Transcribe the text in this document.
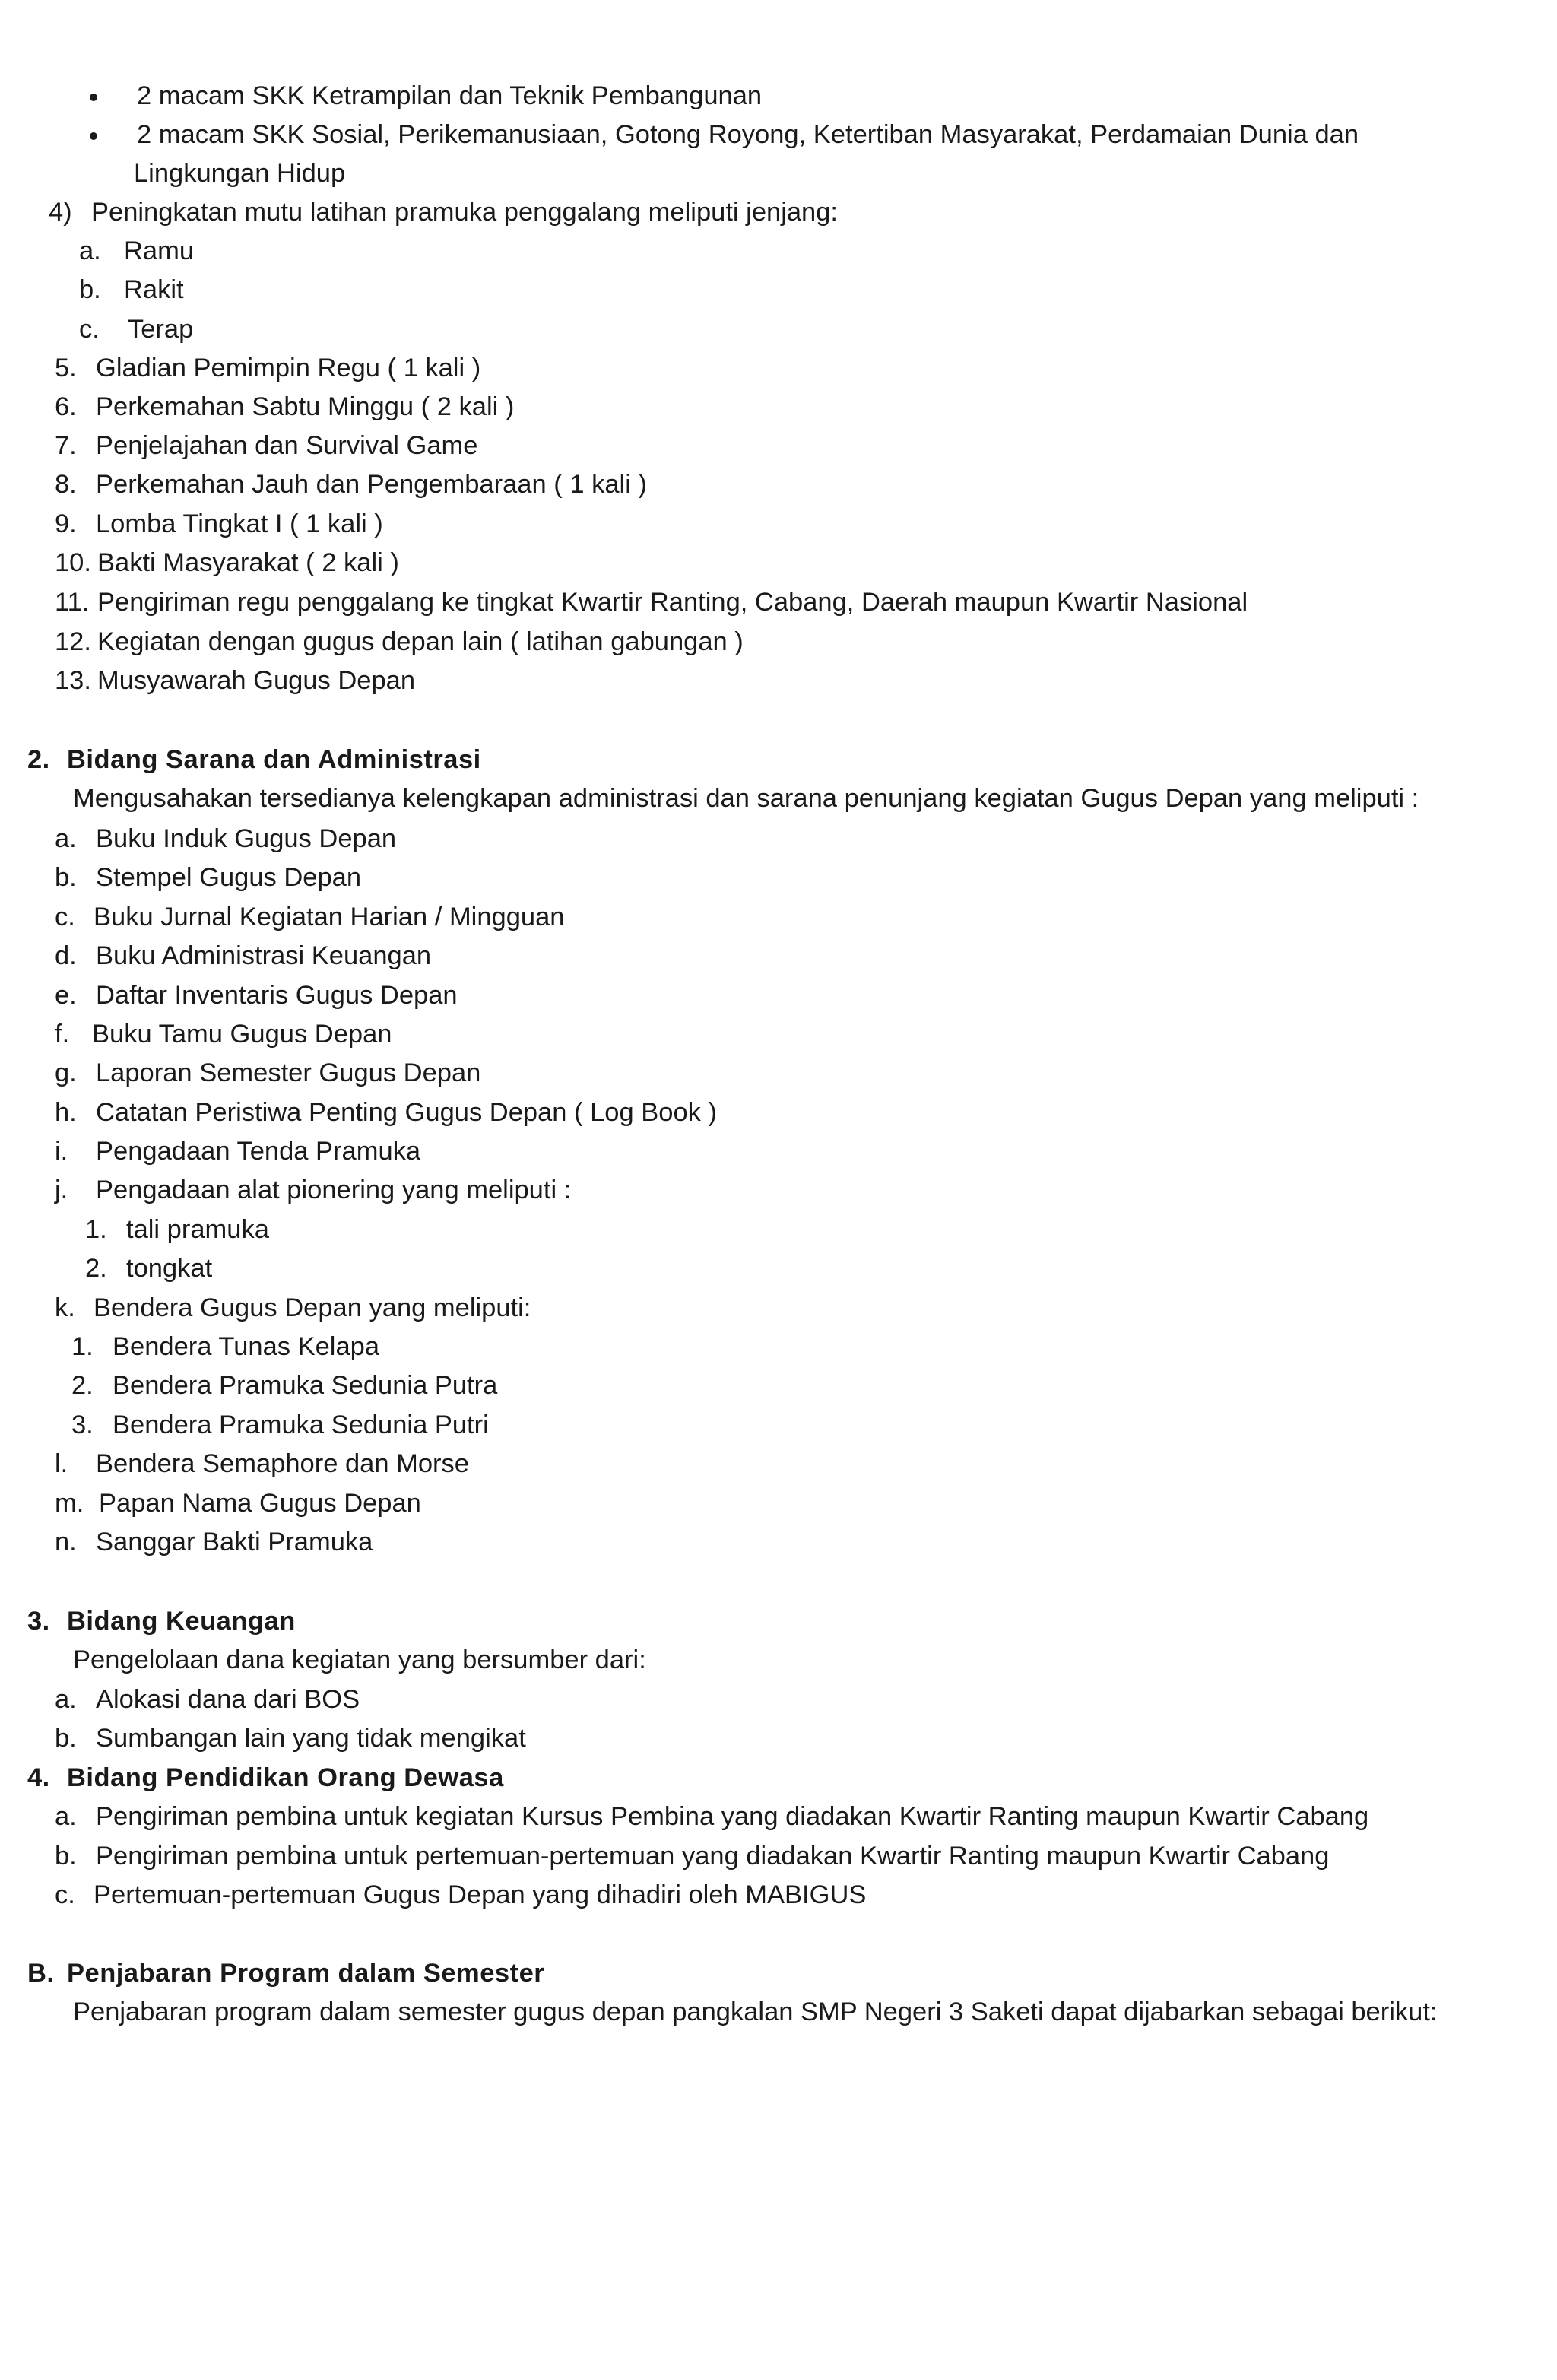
2 macam SKK Ketrampilan dan Teknik Pembangunan
2 macam SKK Sosial, Perikemanusiaan, Gotong Royong, Ketertiban Masyarakat, Perdamaian Dunia dan
Lingkungan Hidup
4) Peningkatan mutu latihan pramuka penggalang meliputi jenjang:
a. Ramu
b. Rakit
c. Terap
5. Gladian Pemimpin Regu ( 1 kali )
6. Perkemahan Sabtu Minggu ( 2 kali )
7. Penjelajahan dan Survival Game
8. Perkemahan Jauh dan Pengembaraan ( 1 kali )
9. Lomba Tingkat I ( 1 kali )
10. Bakti Masyarakat ( 2 kali )
11. Pengiriman regu penggalang ke tingkat Kwartir Ranting, Cabang, Daerah maupun Kwartir Nasional
12. Kegiatan dengan gugus depan lain ( latihan gabungan )
13. Musyawarah Gugus Depan
2. Bidang Sarana dan Administrasi
Mengusahakan tersedianya kelengkapan administrasi dan sarana penunjang kegiatan Gugus Depan yang meliputi :
a. Buku Induk Gugus Depan
b. Stempel Gugus Depan
c. Buku Jurnal Kegiatan Harian / Mingguan
d. Buku Administrasi Keuangan
e. Daftar Inventaris Gugus Depan
f. Buku Tamu Gugus Depan
g. Laporan Semester Gugus Depan
h. Catatan Peristiwa Penting Gugus Depan ( Log Book )
i. Pengadaan Tenda Pramuka
j. Pengadaan alat pionering yang meliputi :
1. tali pramuka
2. tongkat
k. Bendera Gugus Depan yang meliputi:
1. Bendera Tunas Kelapa
2. Bendera Pramuka Sedunia Putra
3. Bendera Pramuka Sedunia Putri
l. Bendera Semaphore dan Morse
m. Papan Nama Gugus Depan
n. Sanggar Bakti Pramuka
3. Bidang Keuangan
Pengelolaan dana kegiatan yang bersumber dari:
a. Alokasi dana dari BOS
b. Sumbangan lain yang tidak mengikat
4. Bidang Pendidikan Orang Dewasa
a. Pengiriman pembina untuk kegiatan Kursus Pembina yang diadakan Kwartir Ranting maupun Kwartir Cabang
b. Pengiriman pembina untuk pertemuan-pertemuan yang diadakan Kwartir Ranting maupun Kwartir Cabang
c. Pertemuan-pertemuan Gugus Depan yang dihadiri oleh MABIGUS
B. Penjabaran Program dalam Semester
Penjabaran program dalam semester gugus depan pangkalan SMP Negeri 3 Saketi dapat dijabarkan sebagai berikut:
